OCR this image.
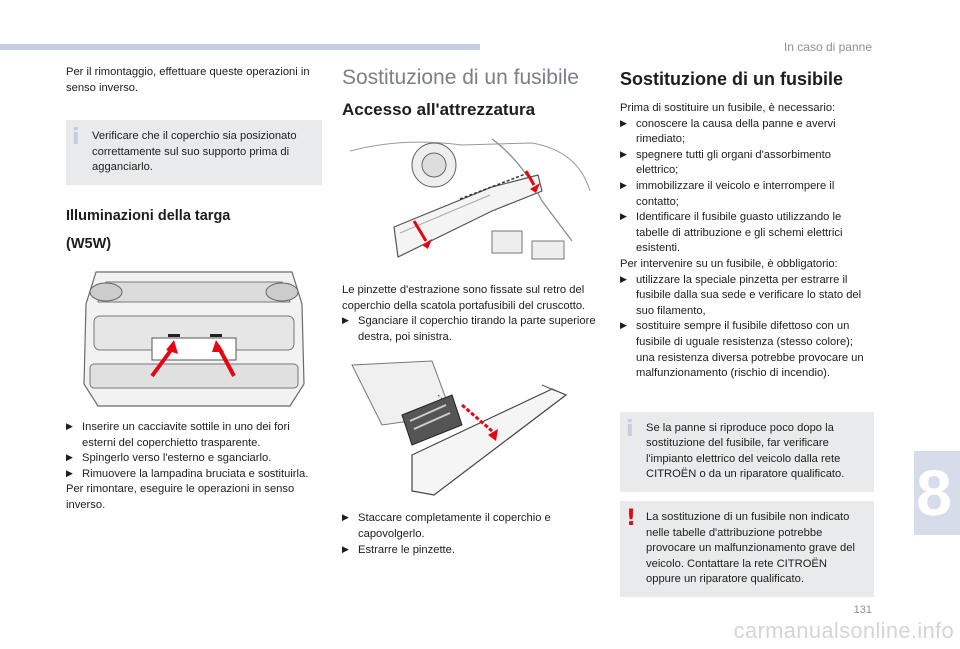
In caso di panne

Per il rimontaggio, effettuare queste operazioni in senso inverso.

i	Verificare che il coperchio sia posizionato correttamente sul suo supporto prima di agganciarlo.

Illuminazioni della targa
(W5W)
▶ Inserire un cacciavite sottile in uno dei fori esterni del coperchietto trasparente.
▶ Spingerlo verso l'esterno e sganciarlo.
▶ Rimuovere la lampadina bruciata e sostituirla.

Per rimontare, eseguire le operazioni in senso inverso.

Sostituzione di un fusibile
Accesso all'attrezzatura

Le pinzette d'estrazione sono fissate sul retro del coperchio della scatola portafusibili del cruscotto.

▶ Sganciare il coperchio tirando la parte superiore destra, poi sinistra.
▶ Staccare completamente il coperchio e capovolgerlo.
▶ Estrarre le pinzette.
Sostituzione di un fusibile

Prima di sostituire un fusibile, è necessario:

▶ conoscere la causa della panne e avervi rimediato;
▶ spegnere tutti gli organi d'assorbimento elettrico;
▶ immobilizzare il veicolo e interrompere il contatto;
▶ Identificare il fusibile guasto utilizzando le tabelle di attribuzione e gli schemi elettrici esistenti.

Per intervenire su un fusibile, è obbligatorio:

▶ utilizzare la speciale pinzetta per estrarre il fusibile dalla sua sede e verificare lo stato del suo filamento,
▶ sostituire sempre il fusibile difettoso con un fusibile di uguale resistenza (stesso colore); una resistenza diversa potrebbe provocare un malfunzionamento (rischio di incendio).
i	Se la panne si riproduce poco dopo la sostituzione del fusibile, far verificare l'impianto elettrico del veicolo dalla rete CITROËN o da un riparatore qualificato.

! La sostituzione di un fusibile non indicato nelle tabelle d'attribuzione potrebbe provocare un malfunzionamento grave del veicolo. Contattare la rete CITROËN oppure un riparatore qualificato.

8
131
carmanualsonline.info
